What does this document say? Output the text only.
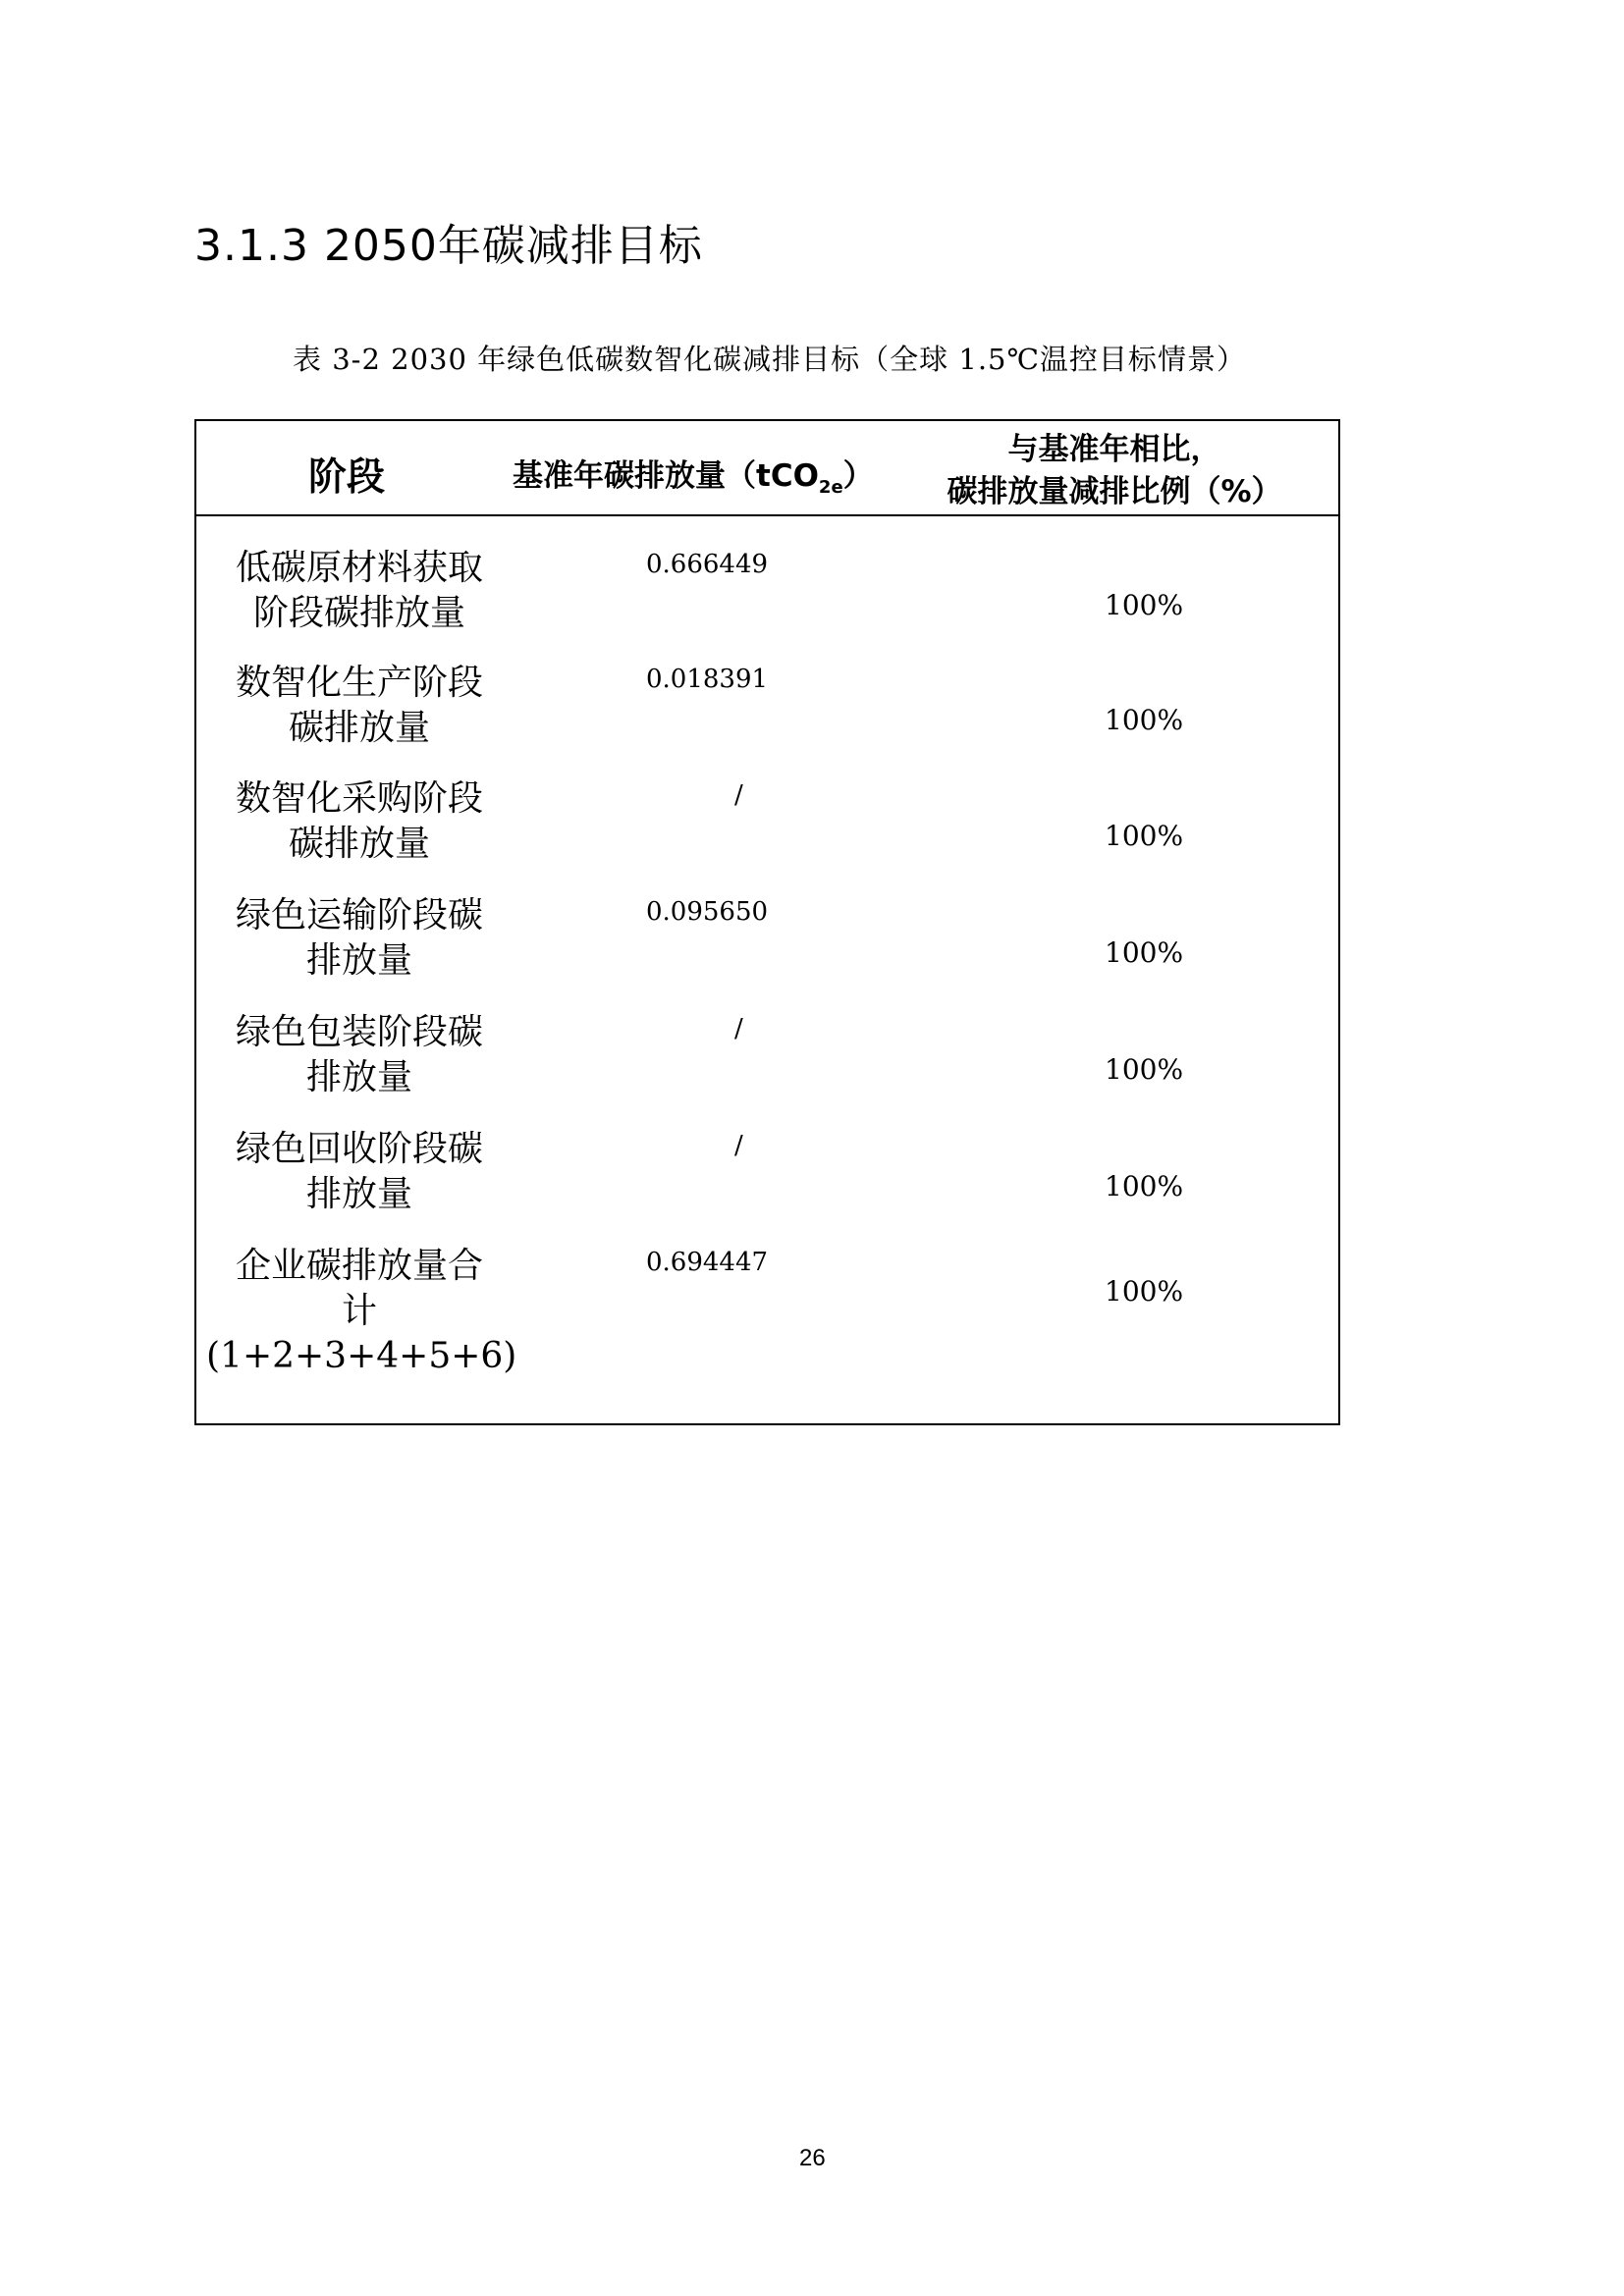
3.1.3 2050年碳减排目标
表 3-2 2030 年绿色低碳数智化碳减排目标（全球 1.5℃温控目标情景）
阶段	基准年碳排放量（tCO$_{2e}$）
与基准年相比，
碳排放量减排比例（%）
低碳原材料获取
阶段碳排放量
0.666449
100%
数智化生产阶段
碳排放量
0.018391
100%
数智化采购阶段
碳排放量
/
100%
绿色运输阶段碳
排放量
0.095650
100%
绿色包装阶段碳
排放量
/
100%
绿色回收阶段碳
排放量
/
100%
企业碳排放量合
计(1+2+3+4+5+6)
0.694447
100%
26
